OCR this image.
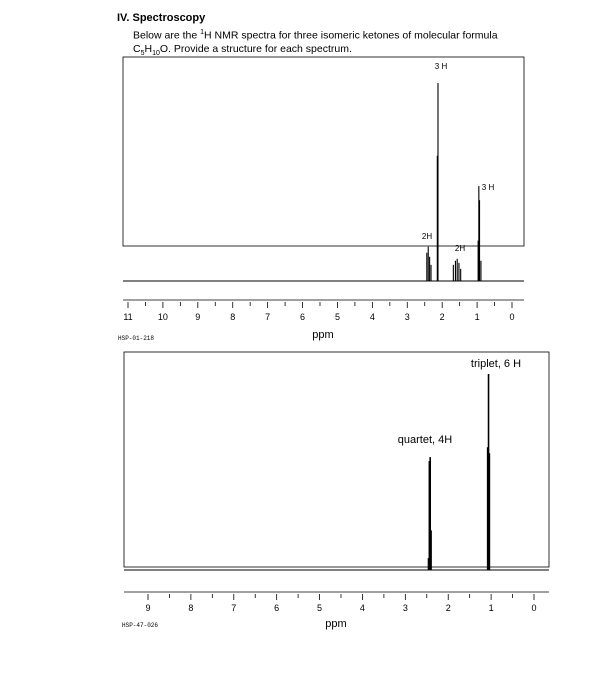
IV. Spectroscopy
Below are the $^1$H NMR spectra for three isomeric ketones of molecular formula
$C_5H_{10}O$. Provide a structure for each spectrum.
11	10	9	8	7	6	5	4	3	2	1	0
3 H
3 H
2H
2H
HSP-01-218	ppm
9	8	7	6	5	4	3	2	1	0
triplet, 6 H
quartet, 4H
HSP-47-026	ppm
